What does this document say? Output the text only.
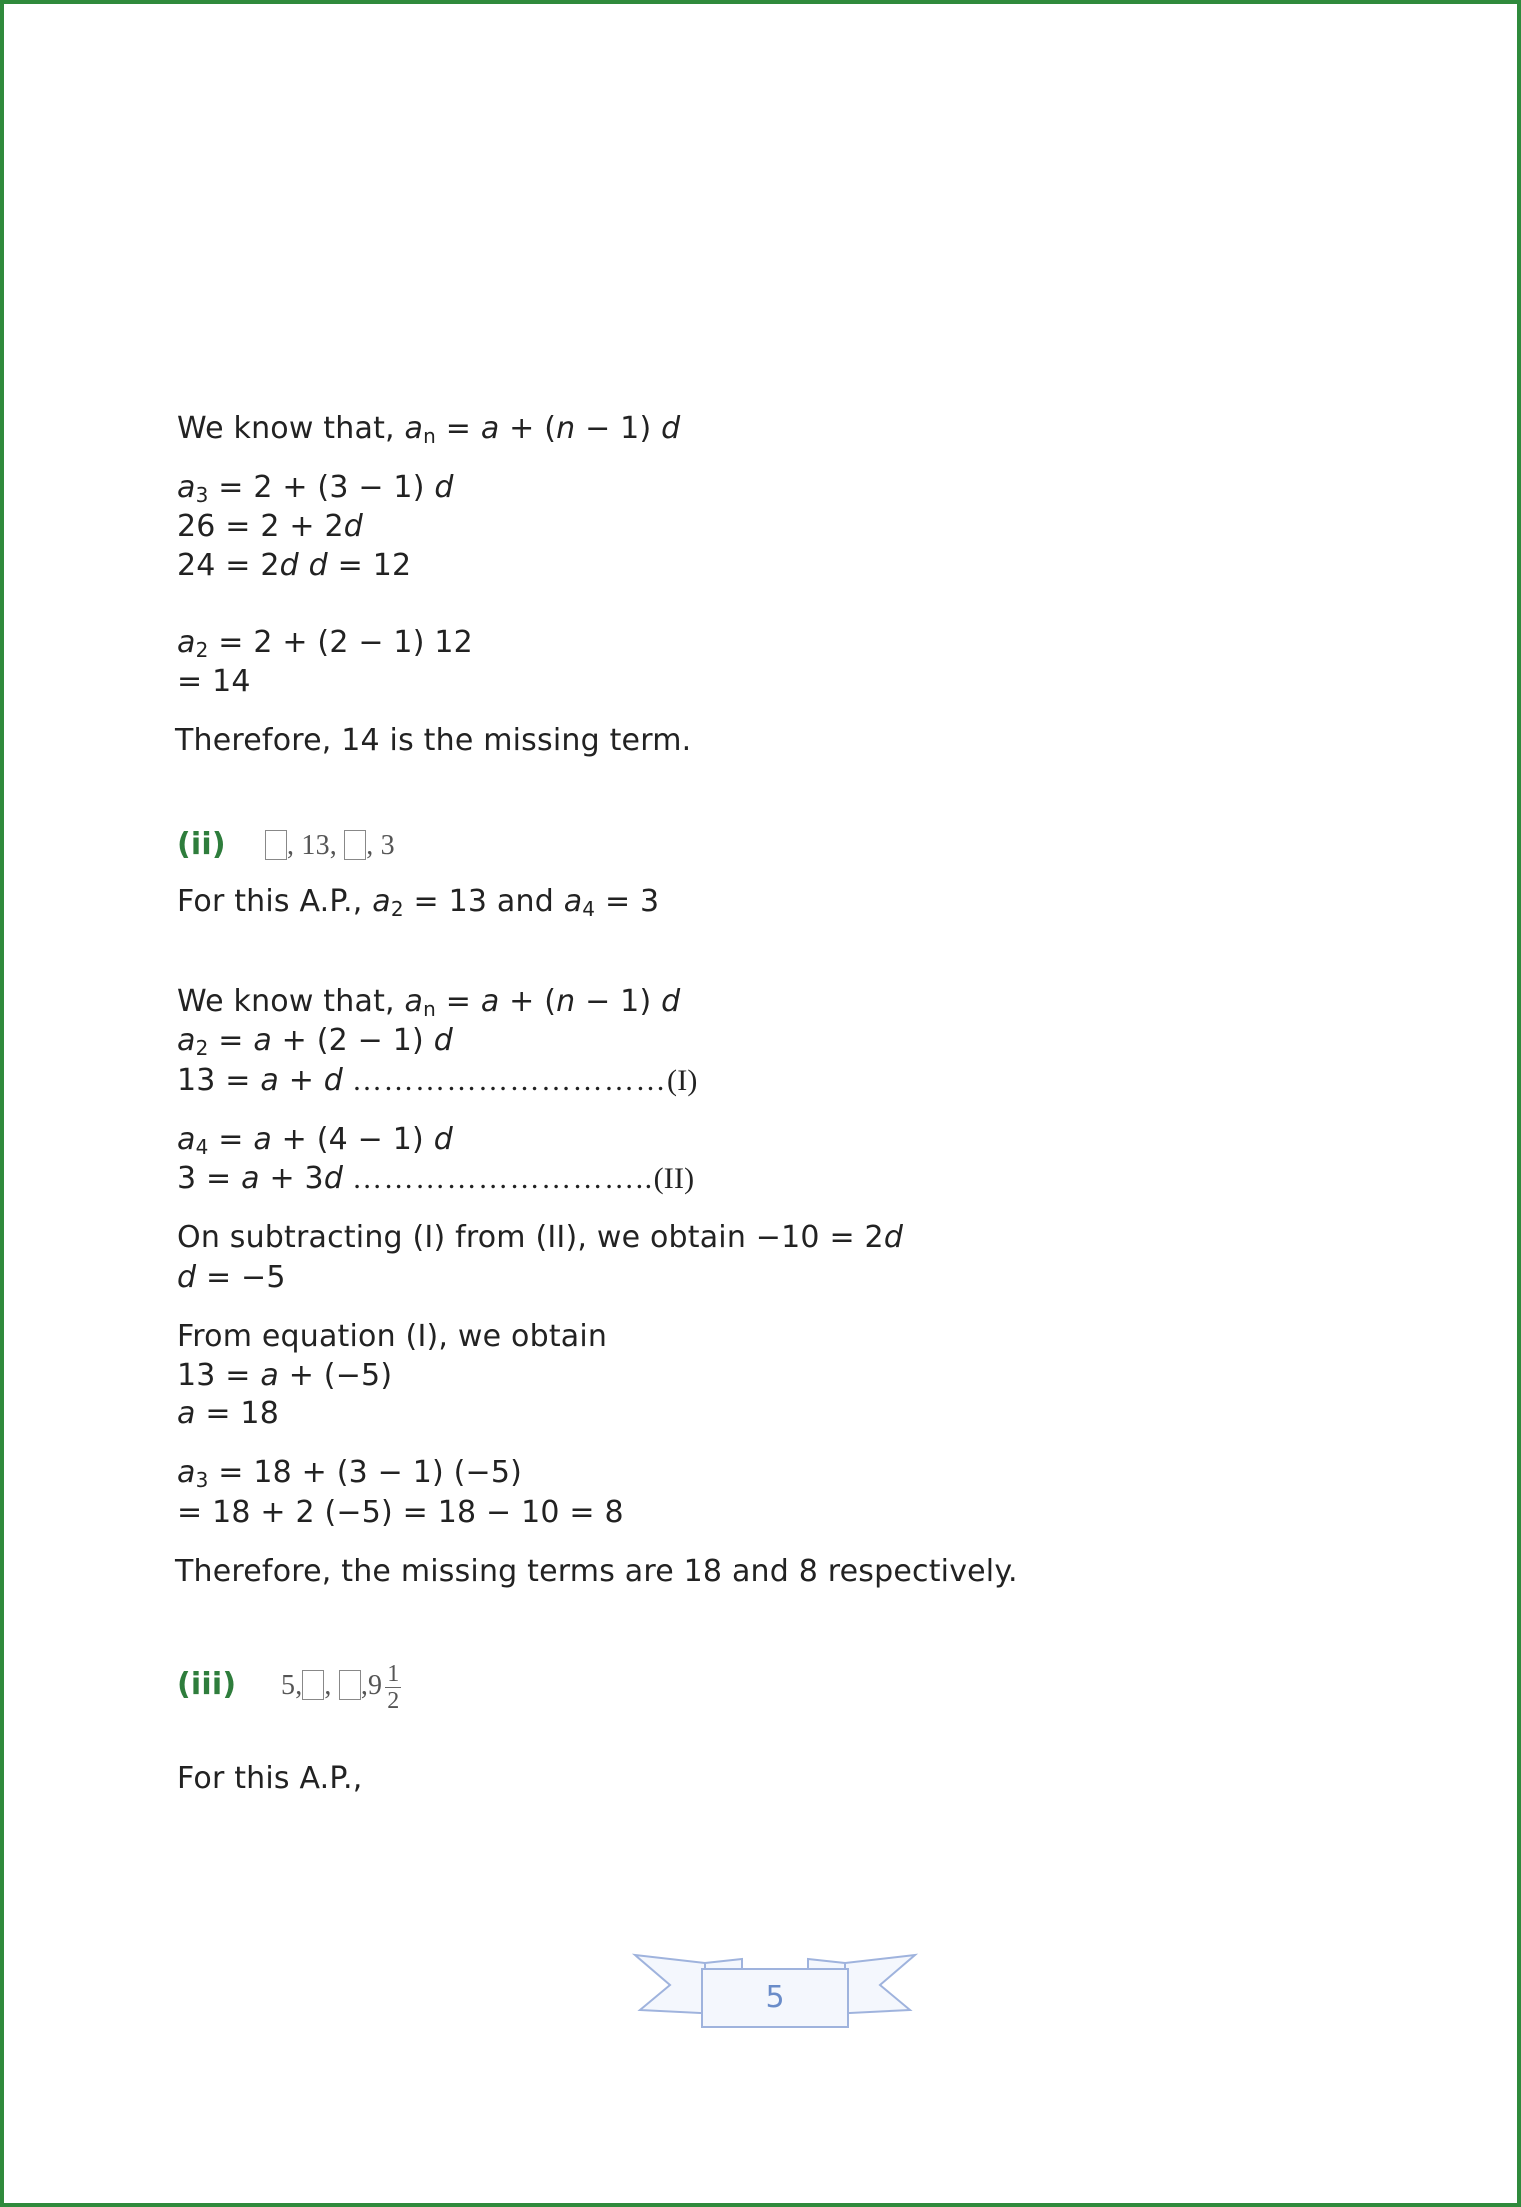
We know that, $a_n = a + (n - 1)$ d
$a_3 = 2 + (3 - 1)$ d
26 = 2 + 2d
24 = 2d d = 12
$a_2 = 2 + (2 - 1)$ 12
= 14
Therefore, 14 is the missing term.
(ii) , 13, , 3
For this A.P., $a_2 = 13$ and $a_4 = 3$
We know that, $a_n = a + (n - 1)$ d
$a_2 = a + (2 - 1)$ d
13 = a + d …………………………(I)
$a_4 = a + (4 - 1)$ d
3 = a + 3d ………………………..(II)
On subtracting (I) from (II), we obtain −10 = 2d
d = −5
From equation (I), we obtain
13 = a + (−5)
a = 18
$a_3 = 18 + (3 - 1)$ (−5)
= 18 + 2 (−5) = 18 − 10 = 8
Therefore, the missing terms are 18 and 8 respectively.
(iii) 5, , $,9 \frac{1}{2}$
For this A.P.,
5
